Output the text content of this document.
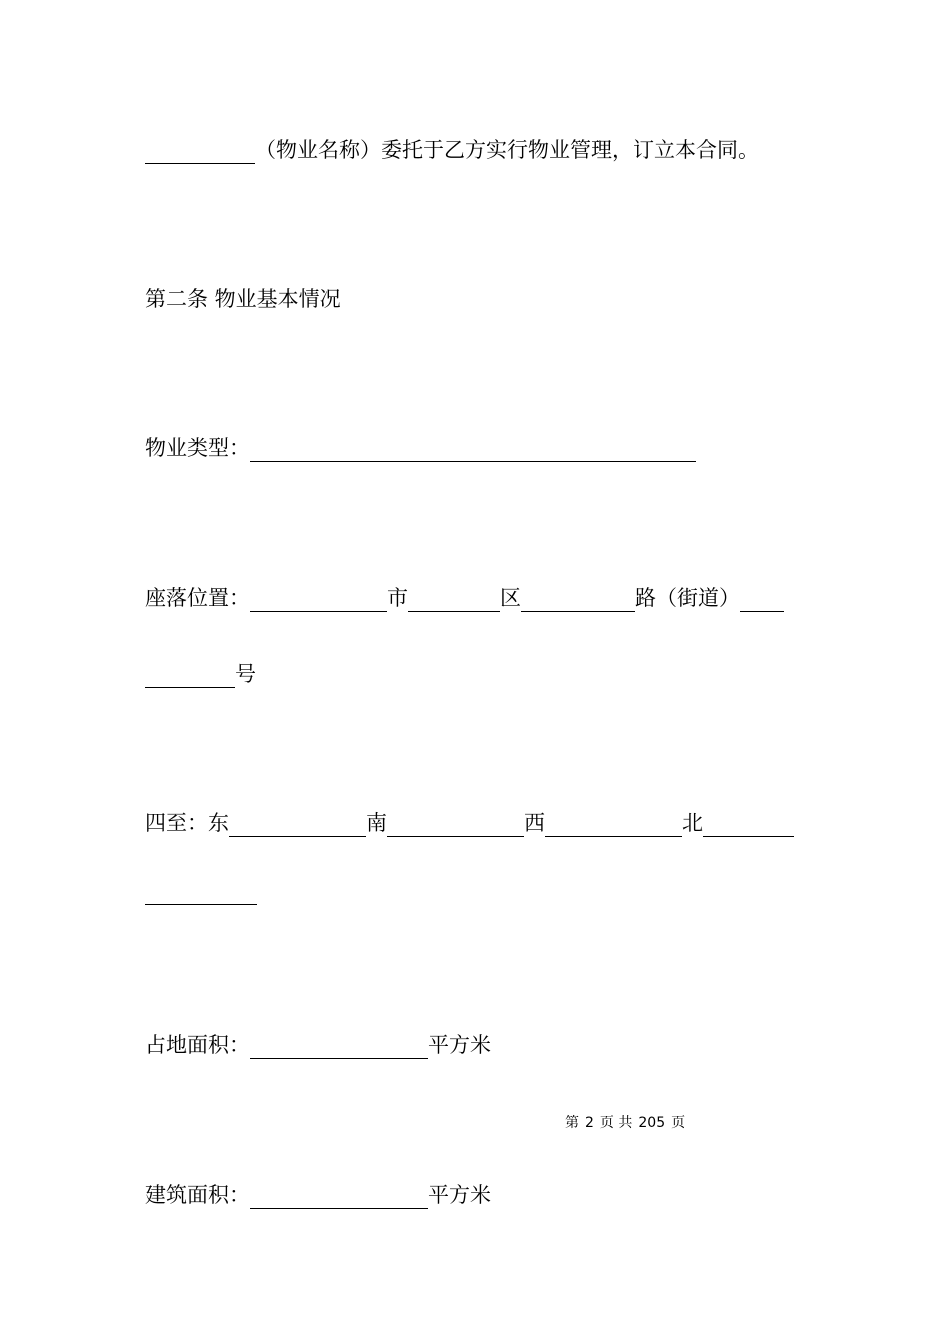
（物业名称）委托于乙方实行物业管理，订立本合同。
第二条 物业基本情况
物业类型：
座落位置：	市	区	路（街道）
号
四至：东	南	西	北
占地面积：	平方米
第 2 页 共 205 页
建筑面积：	平方米
